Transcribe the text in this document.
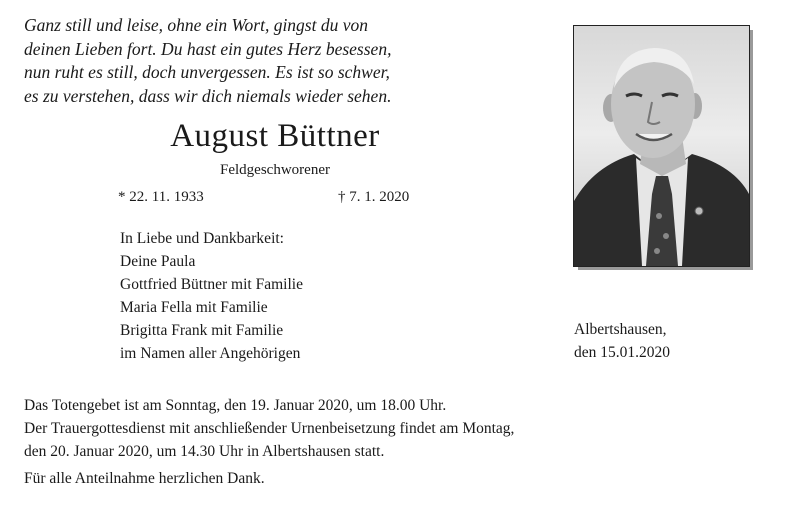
Ganz still und leise, ohne ein Wort, gingst du von
deinen Lieben fort. Du hast ein gutes Herz besessen,
nun ruht es still, doch unvergessen. Es ist so schwer,
es zu verstehen, dass wir dich niemals wieder sehen.
August Büttner
Feldgeschworener
* 22. 11. 1933	† 7. 1. 2020
In Liebe und Dankbarkeit:
Deine Paula
Gottfried Büttner mit Familie
Maria Fella mit Familie
Brigitta Frank mit Familie
im Namen aller Angehörigen
Albertshausen,
den 15.01.2020
Das Totengebet ist am Sonntag, den 19. Januar 2020, um 18.00 Uhr.
Der Trauergottesdienst mit anschließender Urnenbeisetzung findet am Montag,
den 20. Januar 2020, um 14.30 Uhr in Albertshausen statt.
Für alle Anteilnahme herzlichen Dank.
